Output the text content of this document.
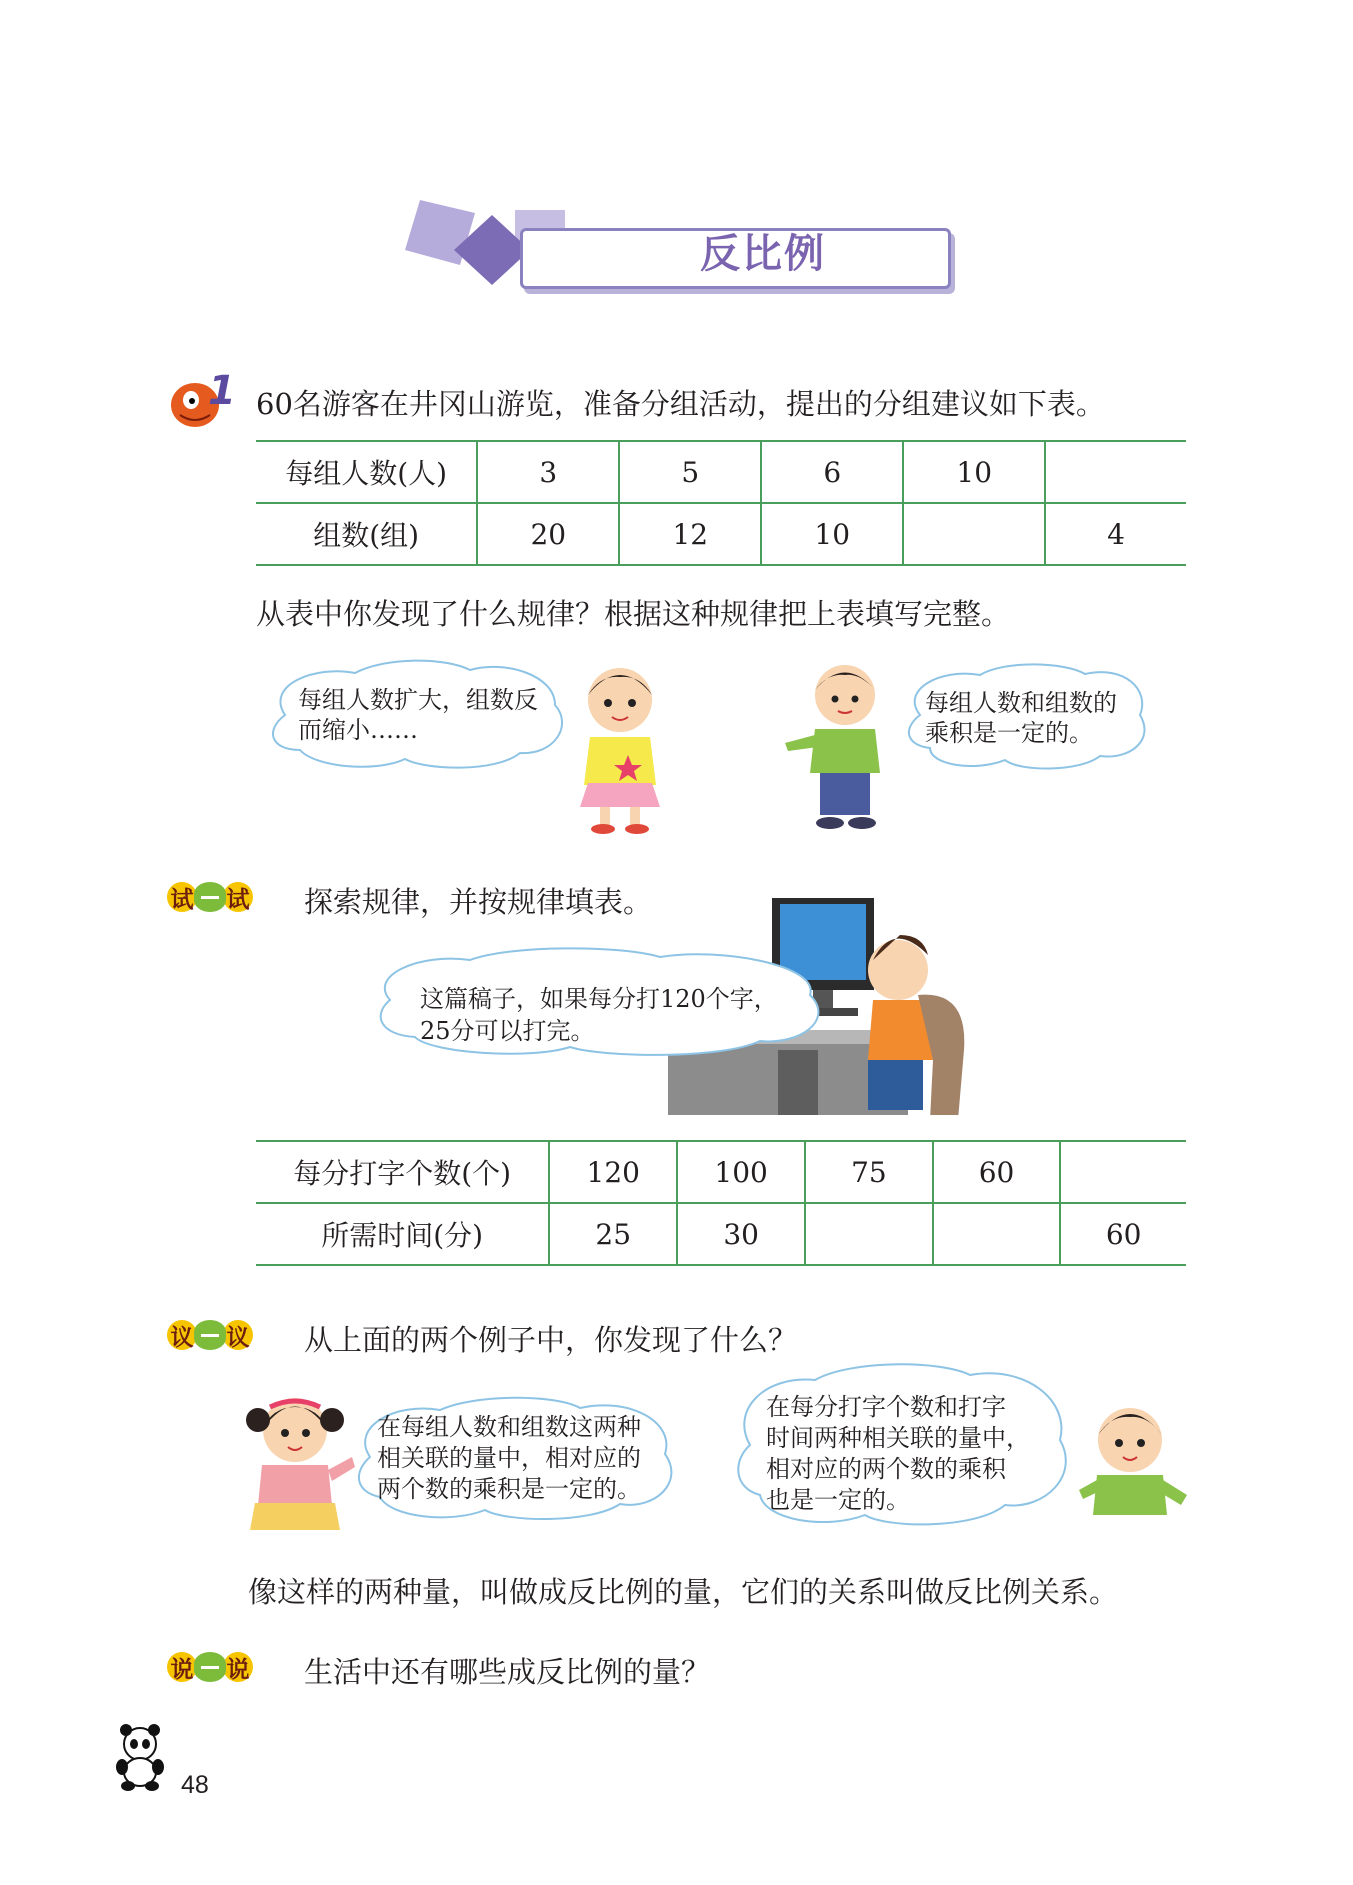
反比例
1 60名游客在井冈山游览，准备分组活动，提出的分组建议如下表。
每组人数(人)	3	5	6	10	
组数(组)	20	12	10		4
从表中你发现了什么规律？根据这种规律把上表填写完整。
每组人数扩大，组数反
而缩小……
每组人数和组数的
乘积是一定的。
试 试 探索规律，并按规律填表。
这篇稿子，如果每分打120个字，
25分可以打完。
每分打字个数(个)	120	100	75	60	
所需时间(分)	25	30			60
议 议 从上面的两个例子中，你发现了什么？
在每组人数和组数这两种
相关联的量中，相对应的
两个数的乘积是一定的。
在每分打字个数和打字
时间两种相关联的量中，
相对应的两个数的乘积
也是一定的。
像这样的两种量，叫做成反比例的量，它们的关系叫做反比例关系。
说 说 生活中还有哪些成反比例的量？
48
